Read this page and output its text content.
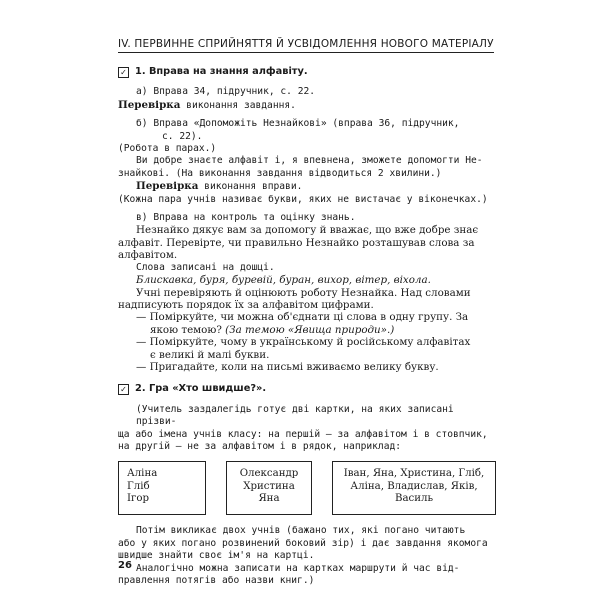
IV. ПЕРВИННЕ СПРИЙНЯТТЯ Й УСВІДОМЛЕННЯ НОВОГО МАТЕРІАЛУ
✓ 1. Вправа на знання алфавіту.

а) Вправа 34, підручник, с. 22.

Перевірка виконання завдання.

б) Вправа «Допоможіть Незнайкові» (вправа 36, підручник,

с. 22).

(Робота в парах.)

Ви добре знаєте алфавіт і, я впевнена, зможете допомогти Не-

знайкові. (На виконання завдання відводиться 2 хвилини.)

Перевірка виконання вправи.

(Кожна пара учнів називає букви, яких не вистачає у віконечках.)

в) Вправа на контроль та оцінку знань.

Незнайко дякує вам за допомогу й вважає, що вже добре знає

алфавіт. Перевірте, чи правильно Незнайко розташував слова за

алфавітом.

Слова записані на дошці.

Блискавка, буря, буревій, буран, вихор, вітер, віхола.

Учні перевіряють й оцінюють роботу Незнайка. Над словами

надписують порядок їх за алфавітом цифрами.

— Поміркуйте, чи можна об'єднати ці слова в одну групу. За

якою темою? (За темою «Явища природи».)

— Поміркуйте, чому в українському й російському алфавітах

є великі й малі букви.

— Пригадайте, коли на письмі вживаємо велику букву.

✓ 2. Гра «Хто швидше?».

(Учитель заздалегідь готує дві картки, на яких записані прізви-

ща або імена учнів класу: на першій — за алфавітом і в стовпчик,

на другій — не за алфавітом і в рядок, наприклад:

Аліна
Гліб
Ігор
Олександр
Христина
Яна
Іван, Яна, Христина, Гліб,
Аліна, Владислав, Яків,
Василь

Потім викликає двох учнів (бажано тих, які погано читають

або у яких погано розвинений боковий зір) і дає завдання якомога

швидше знайти своє ім'я на картці.

Аналогічно можна записати на картках маршрути й час від-

правлення потягів або назви книг.)

26
